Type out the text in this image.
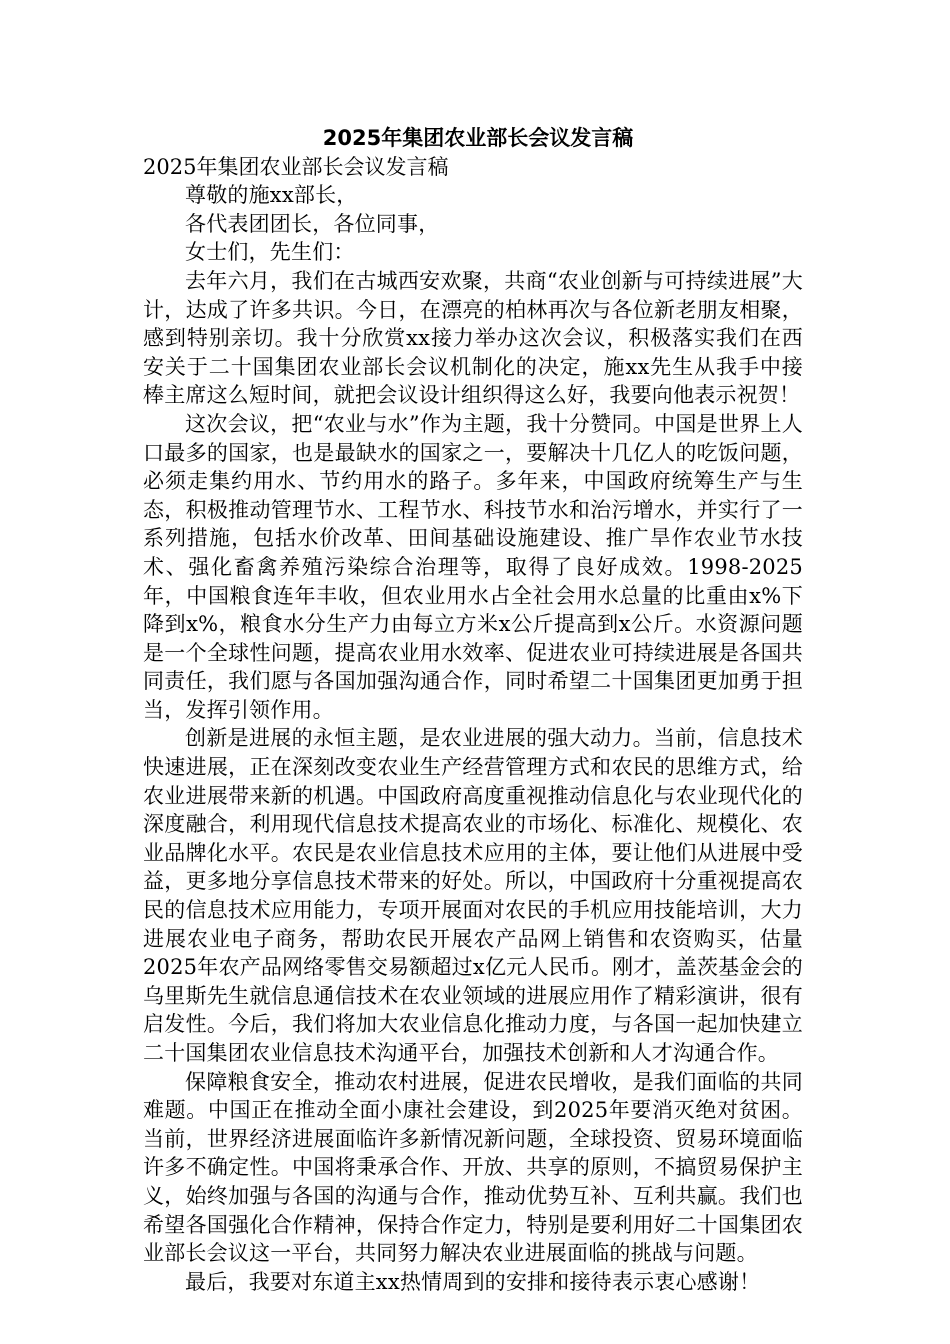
2025年集团农业部长会议发言稿

2025年集团农业部长会议发言稿

尊敬的施xx部长，

各代表团团长，各位同事，

女士们，先生们：

去年六月，我们在古城西安欢聚，共商“农业创新与可持续进展”大计，达成了许多共识。今日，在漂亮的柏林再次与各位新老朋友相聚，感到特别亲切。我十分欣赏xx接力举办这次会议，积极落实我们在西安关于二十国集团农业部长会议机制化的决定，施xx先生从我手中接棒主席这么短时间，就把会议设计组织得这么好，我要向他表示祝贺！

这次会议，把“农业与水”作为主题，我十分赞同。中国是世界上人口最多的国家，也是最缺水的国家之一，要解决十几亿人的吃饭问题，必须走集约用水、节约用水的路子。多年来，中国政府统筹生产与生态，积极推动管理节水、工程节水、科技节水和治污增水，并实行了一系列措施，包括水价改革、田间基础设施建设、推广旱作农业节水技术、强化畜禽养殖污染综合治理等，取得了良好成效。1998-2025年，中国粮食连年丰收，但农业用水占全社会用水总量的比重由x%下降到x%，粮食水分生产力由每立方米x公斤提高到x公斤。水资源问题是一个全球性问题，提高农业用水效率、促进农业可持续进展是各国共同责任，我们愿与各国加强沟通合作，同时希望二十国集团更加勇于担当，发挥引领作用。

创新是进展的永恒主题，是农业进展的强大动力。当前，信息技术快速进展，正在深刻改变农业生产经营管理方式和农民的思维方式，给农业进展带来新的机遇。中国政府高度重视推动信息化与农业现代化的深度融合，利用现代信息技术提高农业的市场化、标准化、规模化、农业品牌化水平。农民是农业信息技术应用的主体，要让他们从进展中受益，更多地分享信息技术带来的好处。所以，中国政府十分重视提高农民的信息技术应用能力，专项开展面对农民的手机应用技能培训，大力进展农业电子商务，帮助农民开展农产品网上销售和农资购买，估量2025年农产品网络零售交易额超过x亿元人民币。刚才，盖茨基金会的乌里斯先生就信息通信技术在农业领域的进展应用作了精彩演讲，很有启发性。今后，我们将加大农业信息化推动力度，与各国一起加快建立二十国集团农业信息技术沟通平台，加强技术创新和人才沟通合作。

保障粮食安全，推动农村进展，促进农民增收，是我们面临的共同难题。中国正在推动全面小康社会建设，到2025年要消灭绝对贫困。当前，世界经济进展面临许多新情况新问题，全球投资、贸易环境面临许多不确定性。中国将秉承合作、开放、共享的原则，不搞贸易保护主义，始终加强与各国的沟通与合作，推动优势互补、互利共赢。我们也希望各国强化合作精神，保持合作定力，特别是要利用好二十国集团农业部长会议这一平台，共同努力解决农业进展面临的挑战与问题。

最后，我要对东道主xx热情周到的安排和接待表示衷心感谢！
